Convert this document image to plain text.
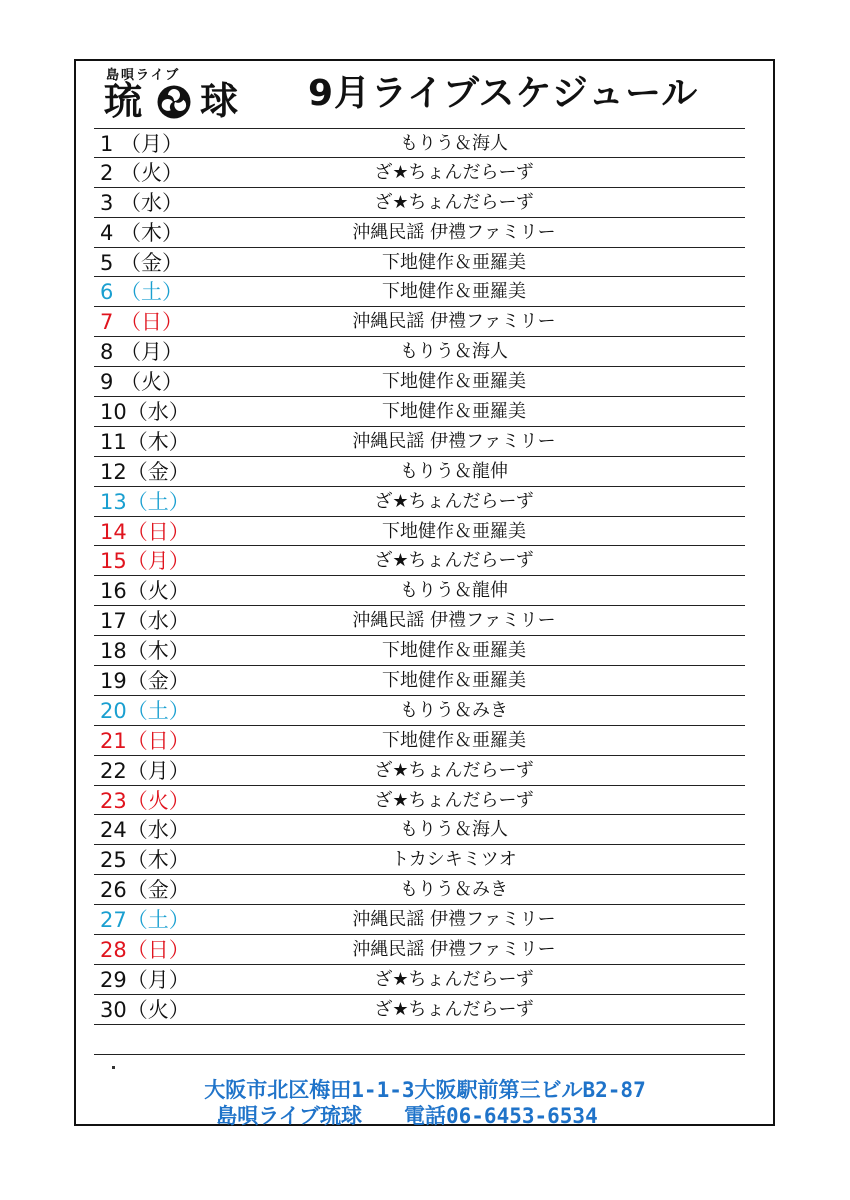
島唄ライブ
琉 球 9月ライブスケジュール
1 （月）	もりう＆海人
2 （火）	ざ★ちょんだらーず
3 （水）	ざ★ちょんだらーず
4 （木）	沖縄民謡 伊禮ファミリー
5 （金）	下地健作＆亜羅美
6 （土）	下地健作＆亜羅美
7 （日）	沖縄民謡 伊禮ファミリー
8 （月）	もりう＆海人
9 （火）	下地健作＆亜羅美
10（水）	下地健作＆亜羅美
11（木）	沖縄民謡 伊禮ファミリー
12（金）	もりう＆龍伸
13（土）	ざ★ちょんだらーず
14（日）	下地健作＆亜羅美
15（月）	ざ★ちょんだらーず
16（火）	もりう＆龍伸
17（水）	沖縄民謡 伊禮ファミリー
18（木）	下地健作＆亜羅美
19（金）	下地健作＆亜羅美
20（土）	もりう＆みき
21（日）	下地健作＆亜羅美
22（月）	ざ★ちょんだらーず
23（火）	ざ★ちょんだらーず
24（水）	もりう＆海人
25（木）	トカシキミツオ
26（金）	もりう＆みき
27（土）	沖縄民謡 伊禮ファミリー
28（日）	沖縄民謡 伊禮ファミリー
29（月）	ざ★ちょんだらーず
30（火）	ざ★ちょんだらーず
大阪市北区梅田1-1-3大阪駅前第三ビルB2-87
島唄ライブ琉球　　電話06-6453-6534
